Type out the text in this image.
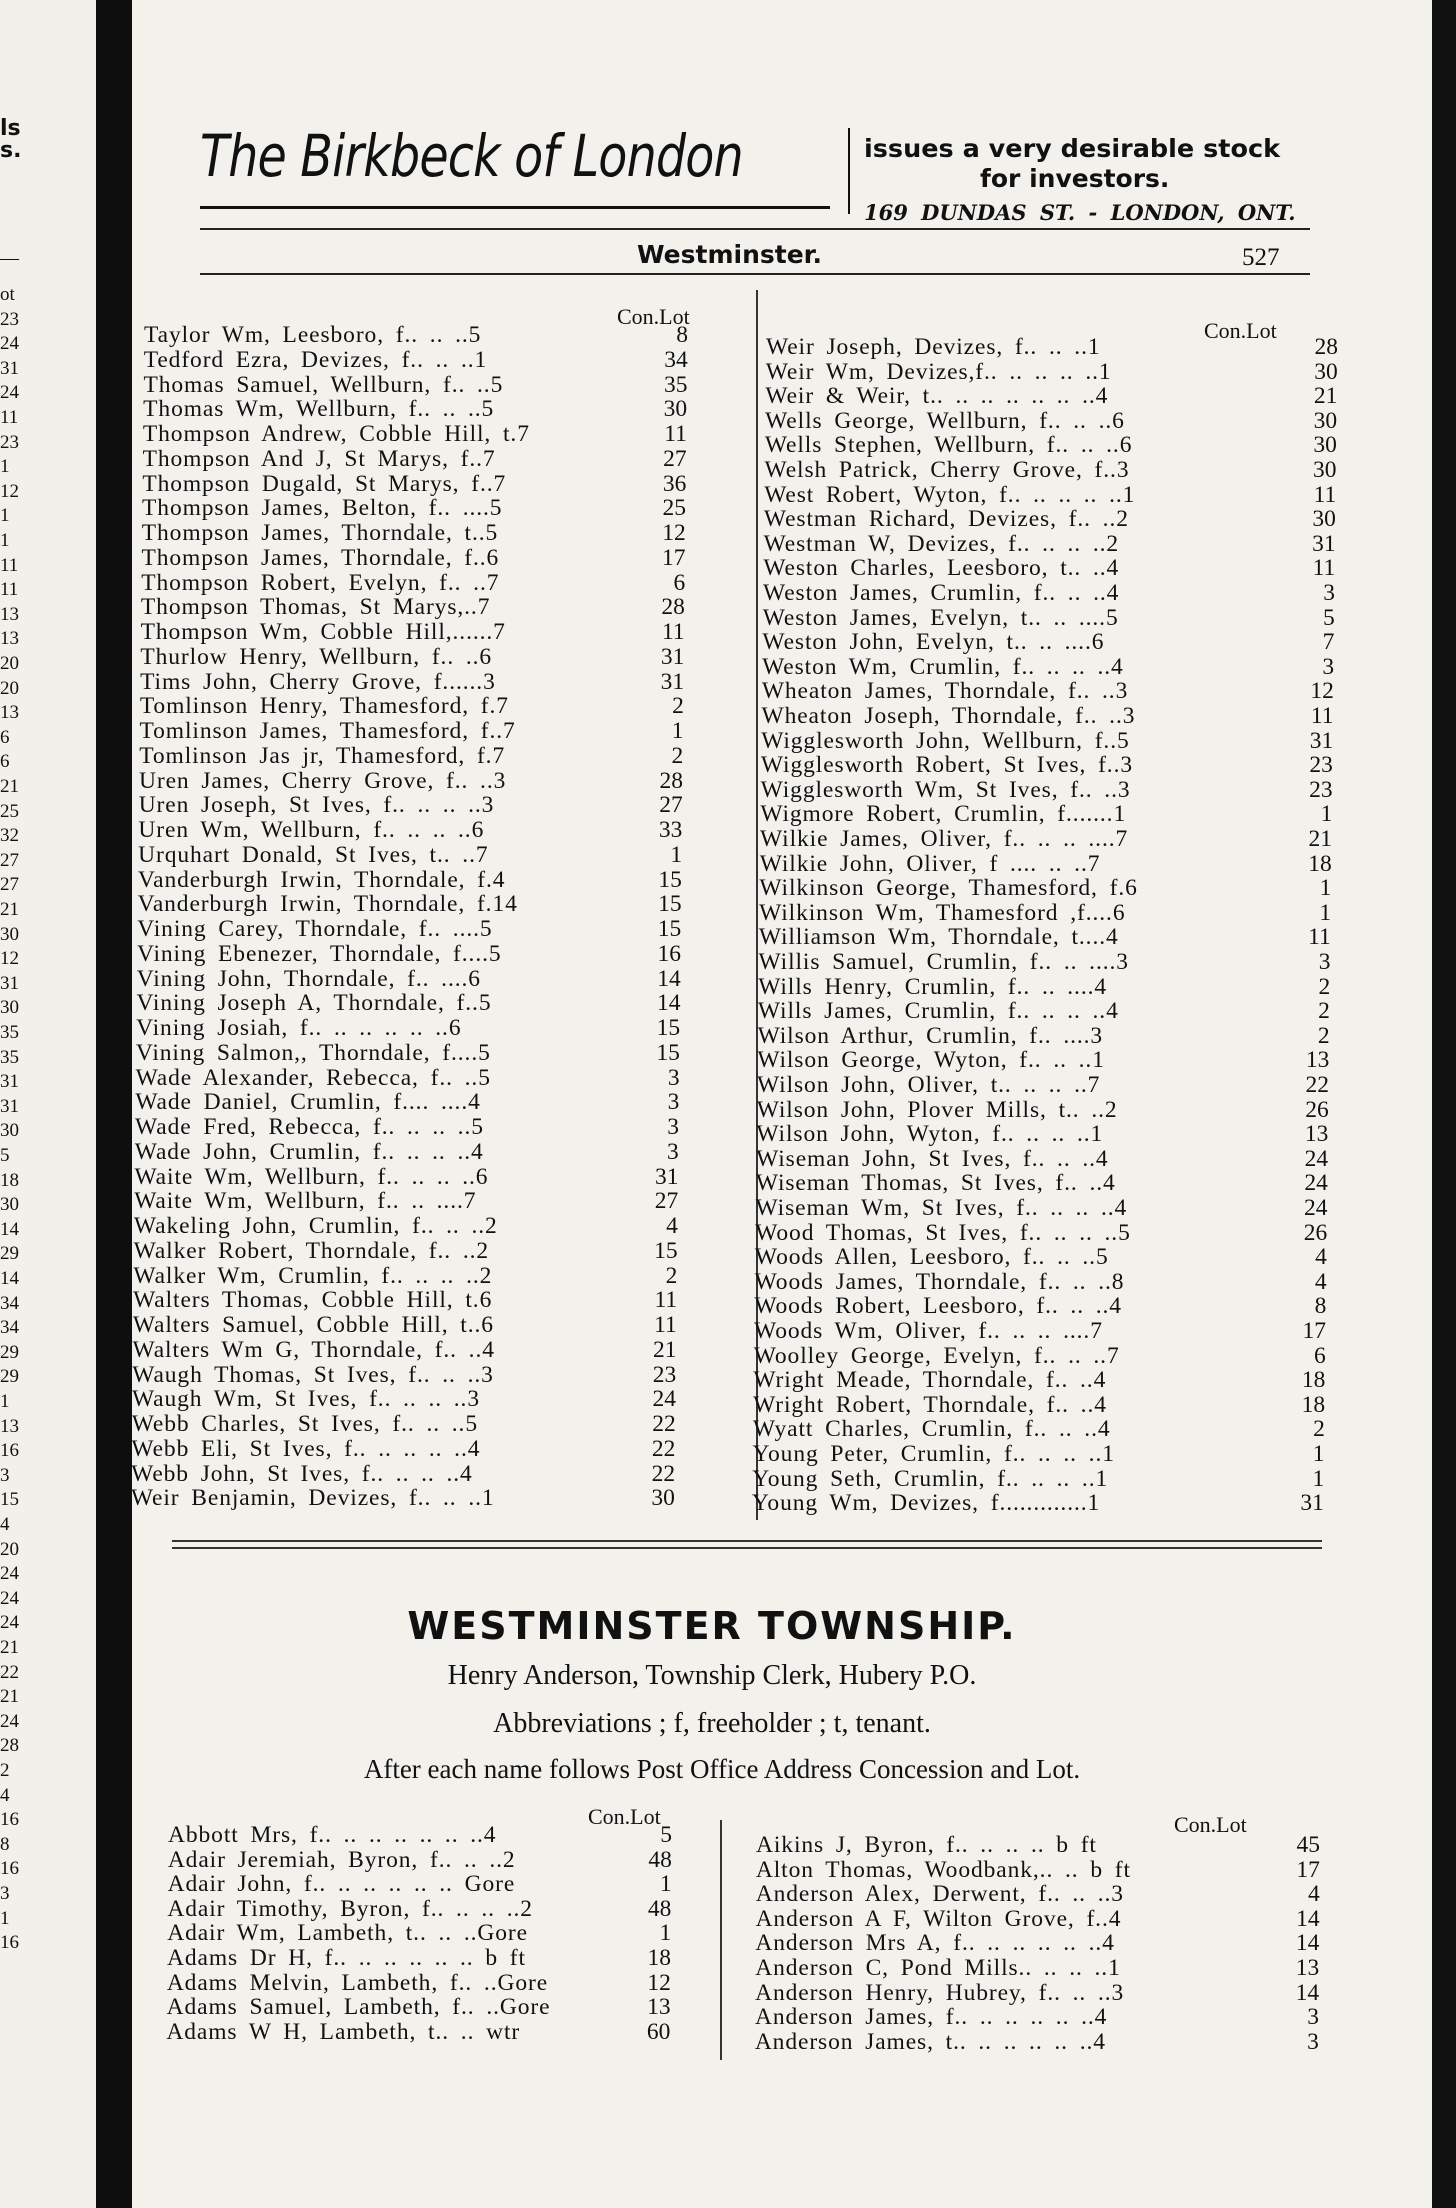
ls
s.
—
ot
23
24
31
24
11
23
1
12
1
1
11
11
13
13
20
20
13
6
6
21
25
32
27
27
21
30
12
31
30
35
35
31
31
30
5
18
30
14
29
14
34
34
29
29
1
13
16
3
15
4
20
24
24
24
21
22
21
24
28
2
4
16
8
16
3
1
16
The Birkbeck of London	issues a very desirable stock
for investors.
169 DUNDAS ST. - LONDON, ONT.
Westminster.	527
Con.Lot
Con.Lot
Taylor Wm, Leesboro, f.. .. ..5	8
Tedford Ezra, Devizes, f.. .. ..1	34
Thomas Samuel, Wellburn, f.. ..5	35
Thomas Wm, Wellburn, f.. .. ..5	30
Thompson Andrew, Cobble Hill, t.7	11
Thompson And J, St Marys, f..7	27
Thompson Dugald, St Marys, f..7	36
Thompson James, Belton, f.. ....5	25
Thompson James, Thorndale, t..5	12
Thompson James, Thorndale, f..6	17
Thompson Robert, Evelyn, f.. ..7	6
Thompson Thomas, St Marys,..7	28
Thompson Wm, Cobble Hill,......7	11
Thurlow Henry, Wellburn, f.. ..6	31
Tims John, Cherry Grove, f......3	31
Tomlinson Henry, Thamesford, f.7	2
Tomlinson James, Thamesford, f..7	1
Tomlinson Jas jr, Thamesford, f.7	2
Uren James, Cherry Grove, f.. ..3	28
Uren Joseph, St Ives, f.. .. .. ..3	27
Uren Wm, Wellburn, f.. .. .. ..6	33
Urquhart Donald, St Ives, t.. ..7	1
Vanderburgh Irwin, Thorndale, f.4	15
Vanderburgh Irwin, Thorndale, f.14	15
Vining Carey, Thorndale, f.. ....5	15
Vining Ebenezer, Thorndale, f....5	16
Vining John, Thorndale, f.. ....6	14
Vining Joseph A, Thorndale, f..5	14
Vining Josiah, f.. .. .. .. .. ..6	15
Vining Salmon,, Thorndale, f....5	15
Wade Alexander, Rebecca, f.. ..5	3
Wade Daniel, Crumlin, f.... ....4	3
Wade Fred, Rebecca, f.. .. .. ..5	3
Wade John, Crumlin, f.. .. .. ..4	3
Waite Wm, Wellburn, f.. .. .. ..6	31
Waite Wm, Wellburn, f.. .. ....7	27
Wakeling John, Crumlin, f.. .. ..2	4
Walker Robert, Thorndale, f.. ..2	15
Walker Wm, Crumlin, f.. .. .. ..2	2
Walters Thomas, Cobble Hill, t.6	11
Walters Samuel, Cobble Hill, t..6	11
Walters Wm G, Thorndale, f.. ..4	21
Waugh Thomas, St Ives, f.. .. ..3	23
Waugh Wm, St Ives, f.. .. .. ..3	24
Webb Charles, St Ives, f.. .. ..5	22
Webb Eli, St Ives, f.. .. .. .. ..4	22
Webb John, St Ives, f.. .. .. ..4	22
Weir Benjamin, Devizes, f.. .. ..1	30
Weir Joseph, Devizes, f.. .. ..1	28
Weir Wm, Devizes,f.. .. .. .. ..1	30
Weir & Weir, t.. .. .. .. .. .. ..4	21
Wells George, Wellburn, f.. .. ..6	30
Wells Stephen, Wellburn, f.. .. ..6	30
Welsh Patrick, Cherry Grove, f..3	30
West Robert, Wyton, f.. .. .. .. ..1	11
Westman Richard, Devizes, f.. ..2	30
Westman W, Devizes, f.. .. .. ..2	31
Weston Charles, Leesboro, t.. ..4	11
Weston James, Crumlin, f.. .. ..4	3
Weston James, Evelyn, t.. .. ....5	5
Weston John, Evelyn, t.. .. ....6	7
Weston Wm, Crumlin, f.. .. .. ..4	3
Wheaton James, Thorndale, f.. ..3	12
Wheaton Joseph, Thorndale, f.. ..3	11
Wigglesworth John, Wellburn, f..5	31
Wigglesworth Robert, St Ives, f..3	23
Wigglesworth Wm, St Ives, f.. ..3	23
Wigmore Robert, Crumlin, f.......1	1
Wilkie James, Oliver, f.. .. .. ....7	21
Wilkie John, Oliver, f .... .. ..7	18
Wilkinson George, Thamesford, f.6	1
Wilkinson Wm, Thamesford ,f....6	1
Williamson Wm, Thorndale, t....4	11
Willis Samuel, Crumlin, f.. .. ....3	3
Wills Henry, Crumlin, f.. .. ....4	2
Wills James, Crumlin, f.. .. .. ..4	2
Wilson Arthur, Crumlin, f.. ....3	2
Wilson George, Wyton, f.. .. ..1	13
Wilson John, Oliver, t.. .. .. ..7	22
Wilson John, Plover Mills, t.. ..2	26
Wilson John, Wyton, f.. .. .. ..1	13
Wiseman John, St Ives, f.. .. ..4	24
Wiseman Thomas, St Ives, f.. ..4	24
Wiseman Wm, St Ives, f.. .. .. ..4	24
Wood Thomas, St Ives, f.. .. .. ..5	26
Woods Allen, Leesboro, f.. .. ..5	4
Woods James, Thorndale, f.. .. ..8	4
Woods Robert, Leesboro, f.. .. ..4	8
Woods Wm, Oliver, f.. .. .. ....7	17
Woolley George, Evelyn, f.. .. ..7	6
Wright Meade, Thorndale, f.. ..4	18
Wright Robert, Thorndale, f.. ..4	18
Wyatt Charles, Crumlin, f.. .. ..4	2
Young Peter, Crumlin, f.. .. .. ..1	1
Young Seth, Crumlin, f.. .. .. ..1	1
Young Wm, Devizes, f.............1	31
WESTMINSTER TOWNSHIP.
Henry Anderson, Township Clerk, Hubery P.O.
Abbreviations ; f, freeholder ; t, tenant.
After each name follows Post Office Address Concession and Lot.
Con.Lot	Con.Lot
Abbott Mrs, f.. .. .. .. .. .. ..4	5
Adair Jeremiah, Byron, f.. .. ..2	48
Adair John, f.. .. .. .. .. .. Gore	1
Adair Timothy, Byron, f.. .. .. ..2	48
Adair Wm, Lambeth, t.. .. ..Gore	1
Adams Dr H, f.. .. .. .. .. .. b ft	18
Adams Melvin, Lambeth, f.. ..Gore	12
Adams Samuel, Lambeth, f.. ..Gore	13
Adams W H, Lambeth, t.. .. wtr	60
Aikins J, Byron, f.. .. .. .. b ft	45
Alton Thomas, Woodbank,.. .. b ft	17
Anderson Alex, Derwent, f.. .. ..3	4
Anderson A F, Wilton Grove, f..4	14
Anderson Mrs A, f.. .. .. .. .. ..4	14
Anderson C, Pond Mills.. .. .. ..1	13
Anderson Henry, Hubrey, f.. .. ..3	14
Anderson James, f.. .. .. .. .. ..4	3
Anderson James, t.. .. .. .. .. ..4	3
